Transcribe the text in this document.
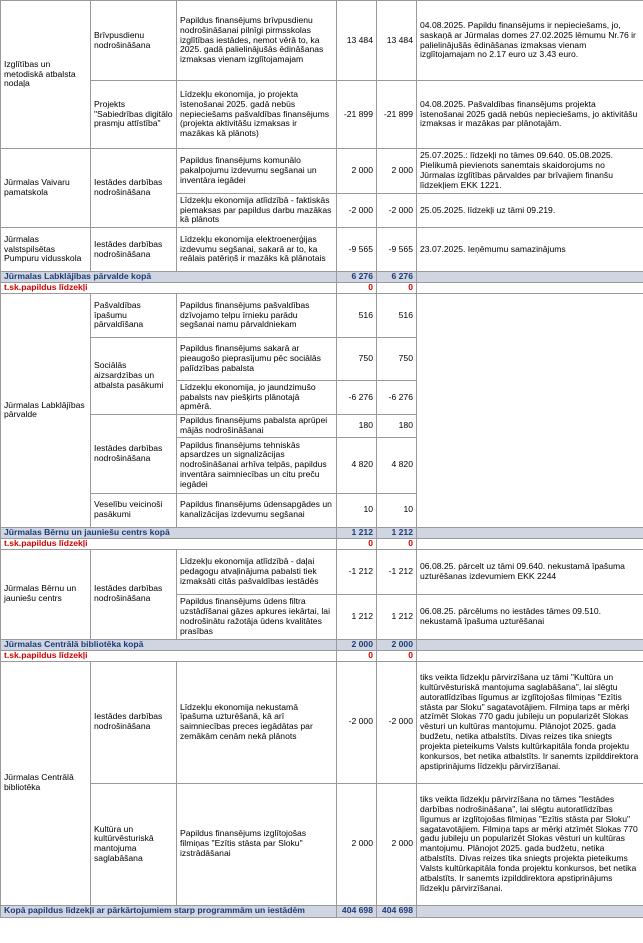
Izglītības un metodiskā atbalsta nodaļa	Brīvpusdienu nodrošināšana	Papildus finansējums brīvpusdienu nodrošināšanai pilnīgi pirmsskolas izglītības iestādes, nemot vērā to, ka 2025. gadā palielinājušās ēdināšanas izmaksas vienam izglītojamajam	13 484	13 484	04.08.2025. Papildu finansējums ir nepieciešams, jo, saskaņā ar Jūrmalas domes 27.02.2025 lēmumu Nr.76 ir palielinājušās ēdināšanas izmaksas vienam izglītojamajam no 2.17 euro uz 3.43 euro.
	Projekts "Sabiedrības digitālo prasmju attīstība"	Līdzekļu ekonomija, jo projekta īstenošanai 2025. gadā nebūs nepieciešams pašvaldības finansējums (projekta aktivitāšu izmaksas ir mazākas kā plānots)	-21 899	-21 899	04.08.2025. Pašvaldības finansējums projekta īstenošanai 2025 gadā nebūs nepieciešams, jo aktivitāšu izmaksas ir mazākas par plānotajām.
Jūrmalas Vaivaru pamatskola	Iestādes darbības nodrošināšana	Papildus finansējums komunālo pakalpojumu izdevumu segšanai un inventāra iegādei	2 000	2 000	25.07.2025.: līdzekļi no tāmes 09.640. 05.08.2025. Pielikumā pievienots sanemtais skaidorojums no Jūrmalas izglītības pārvaldes par brīvajiem finanšu līdzekļiem EKK 1221.
		Līdzekļu ekonomija atlīdzībā - faktiskās piemaksas par papildus darbu mazākas kā plānots	-2 000	-2 000	25.05.2025. līdzekļi uz tāmi 09.219.
Jūrmalas valstspilsētas Pumpuru vidusskola	Iestādes darbības nodrošināšana	Līdzekļu ekonomija elektroenerģijas izdevumu segšanai, sakarā ar to, ka reālais patēriņš ir mazāks kā plānotais	-9 565	-9 565	23.07.2025. Ieņēmumu samazinājums
Jūrmalas Labklājības pārvalde kopā			6 276	6 276	
t.sk.papildus līdzekļi			0	0	
Jūrmalas Labklājības pārvalde	Pašvaldības īpašumu pārvaldīšana	Papildus finansējums pašvaldības dzīvojamo telpu īrnieku parādu segšanai namu pārvaldniekam	516	516	
	Sociālās aizsardzības un atbalsta pasākumi	Papildus finansējums sakarā ar pieaugošo pieprasījumu pēc sociālās palīdzības pabalsta	750	750	
		Līdzekļu ekonomija, jo jaundzimušo pabalsts nav piešķirts plānotajā apmērā.	-6 276	-6 276	
	Iestādes darbības nodrošināšana	Papildus finansējums pabalsta aprūpei mājās nodrošināšanai	180	180	
		Papildus finansējums tehniskās apsardzes un signalizācijas nodrošināšanai arhīva telpās, papildus inventāra saimniecības un citu preču iegādei	4 820	4 820	
	Veselību veicinoši pasākumi	Papildus finansējums ūdensapgādes un kanalizācijas izdevumu segšanai	10	10	
Jūrmalas Bērnu un jauniešu centrs kopā			1 212	1 212	
t.sk.papildus līdzekļi			0	0	
Jūrmalas Bērnu un jauniešu centrs	Iestādes darbības nodrošināšana	Līdzekļu ekonomija atlīdzībā - daļai pedagogu atvaļinājuma pabalsti tiek izmaksāti citās pašvaldības iestādēs	-1 212	-1 212	06.08.25. pārcelt uz tāmi 09.640. nekustamā īpašuma uzturēšanas izdevumiem EKK 2244
		Papildus finansējums ūdens filtra uzstādīšanai gāzes apkures iekārtai, lai nodrošinātu ražotāja ūdens kvalitātes prasības	1 212	1 212	06.08.25. pārcēlums no iestādes tāmes 09.510. nekustamā īpašuma uzturēšanai
Jūrmalas Centrālā bibliotēka kopā			2 000	2 000	
t.sk.papildus līdzekļi			0	0	
Jūrmalas Centrālā bibliotēka	Iestādes darbības nodrošināšana	Līdzekļu ekonomija nekustamā īpašuma uzturēšanā, kā arī saimniecības preces iegādātas par zemākām cenām nekā plānots	-2 000	-2 000	tiks veikta līdzekļu pārvirzīšana uz tāmi "Kultūra un kultūrvēsturiskā mantojuma saglabāšana", lai slēgtu autoratlīdzības līgumus ar izglītojošas filmiņas "Ezītis stāsta par Sloku" sagatavotājiem. Filmiņa taps ar mērķi atzīmēt Slokas 770 gadu jubileju un popularizēt Slokas vēsturi un kultūras mantojumu. Plānojot 2025. gada budžetu, netika atbalstīts. Divas reizes tika sniegts projekta pieteikums Valsts kultūrkapitāla fonda projektu konkursos, bet netika atbalstīts. Ir sanemts izpilddirektora apstiprinājums līdzekļu pārvirzīšanai.
	Kultūra un kultūrvēsturiskā mantojuma saglabāšana	Papildus finansējums izglītojošas filmiņas "Ezītis stāsta par Sloku" izstrādāšanai	2 000	2 000	tiks veikta līdzekļu pārvirzīšana no tāmes "Iestādes darbības nodrošināšana", lai slēgtu autoratlīdzības līgumus ar izglītojošas filmiņas "Ezītis stāsta par Sloku" sagatavotājiem. Filmiņa taps ar mērķi atzīmēt Slokas 770 gadu jubileju un popularizēt Slokas vēsturi un kultūras mantojumu. Plānojot 2025. gada budžetu, netika atbalstīts. Divas reizes tika sniegts projekta pieteikums Valsts kultūrkapitāla fonda projektu konkursos, bet netika atbalstīts. Ir sanemts izpilddirektora apstiprinājums līdzekļu pārvirzīšanai.
Kopā papildus līdzekļi ar pārkārtojumiem starp programmām un iestādēm			404 698	404 698	
